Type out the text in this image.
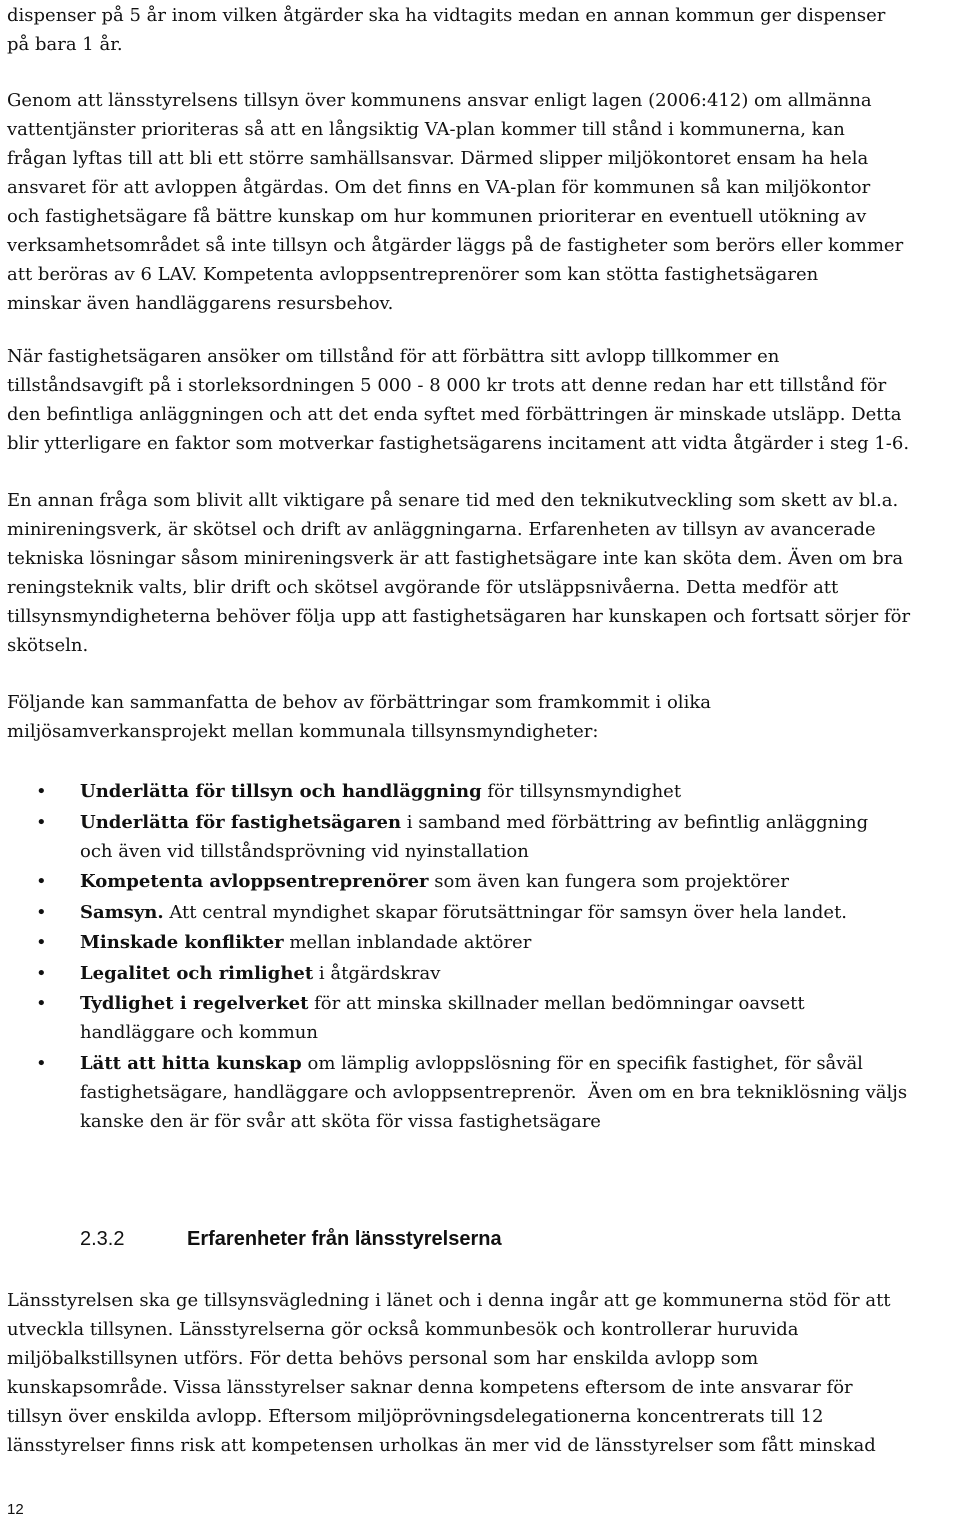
dispenser på 5 år inom vilken åtgärder ska ha vidtagits medan en annan kommun ger dispenser
på bara 1 år.

Genom att länsstyrelsens tillsyn över kommunens ansvar enligt lagen (2006:412) om allmänna
vattentjänster prioriteras så att en långsiktig VA-plan kommer till stånd i kommunerna, kan
frågan lyftas till att bli ett större samhällsansvar. Därmed slipper miljökontoret ensam ha hela
ansvaret för att avloppen åtgärdas. Om det finns en VA-plan för kommunen så kan miljökontor
och fastighetsägare få bättre kunskap om hur kommunen prioriterar en eventuell utökning av
verksamhetsområdet så inte tillsyn och åtgärder läggs på de fastigheter som berörs eller kommer
att beröras av 6 LAV. Kompetenta avloppsentreprenörer som kan stötta fastighetsägaren
minskar även handläggarens resursbehov.

När fastighetsägaren ansöker om tillstånd för att förbättra sitt avlopp tillkommer en
tillståndsavgift på i storleksordningen 5 000 - 8 000 kr trots att denne redan har ett tillstånd för
den befintliga anläggningen och att det enda syftet med förbättringen är minskade utsläpp. Detta
blir ytterligare en faktor som motverkar fastighetsägarens incitament att vidta åtgärder i steg 1-6.

En annan fråga som blivit allt viktigare på senare tid med den teknikutveckling som skett av bl.a.
minireningsverk, är skötsel och drift av anläggningarna. Erfarenheten av tillsyn av avancerade
tekniska lösningar såsom minireningsverk är att fastighetsägare inte kan sköta dem. Även om bra
reningsteknik valts, blir drift och skötsel avgörande för utsläppsnivåerna. Detta medför att
tillsynsmyndigheterna behöver följa upp att fastighetsägaren har kunskapen och fortsatt sörjer för
skötseln.

Följande kan sammanfatta de behov av förbättringar som framkommit i olika
miljösamverkansprojekt mellan kommunala tillsynsmyndigheter:

• Underlätta för tillsyn och handläggning för tillsynsmyndighet
• Underlätta för fastighetsägaren i samband med förbättring av befintlig anläggning
och även vid tillståndsprövning vid nyinstallation
• Kompetenta avloppsentreprenörer som även kan fungera som projektörer
• Samsyn. Att central myndighet skapar förutsättningar för samsyn över hela landet.
• Minskade konflikter mellan inblandade aktörer
• Legalitet och rimlighet i åtgärdskrav
• Tydlighet i regelverket för att minska skillnader mellan bedömningar oavsett
handläggare och kommun
• Lätt att hitta kunskap om lämplig avloppslösning för en specifik fastighet, för såväl
fastighetsägare, handläggare och avloppsentreprenör.  Även om en bra tekniklösning väljs
kanske den är för svår att sköta för vissa fastighetsägare
2.3.2	Erfarenheter från länsstyrelserna

Länsstyrelsen ska ge tillsynsvägledning i länet och i denna ingår att ge kommunerna stöd för att
utveckla tillsynen. Länsstyrelserna gör också kommunbesök och kontrollerar huruvida
miljöbalkstillsynen utförs. För detta behövs personal som har enskilda avlopp som
kunskapsområde. Vissa länsstyrelser saknar denna kompetens eftersom de inte ansvarar för
tillsyn över enskilda avlopp. Eftersom miljöprövningsdelegationerna koncentrerats till 12
länsstyrelser finns risk att kompetensen urholkas än mer vid de länsstyrelser som fått minskad

12
